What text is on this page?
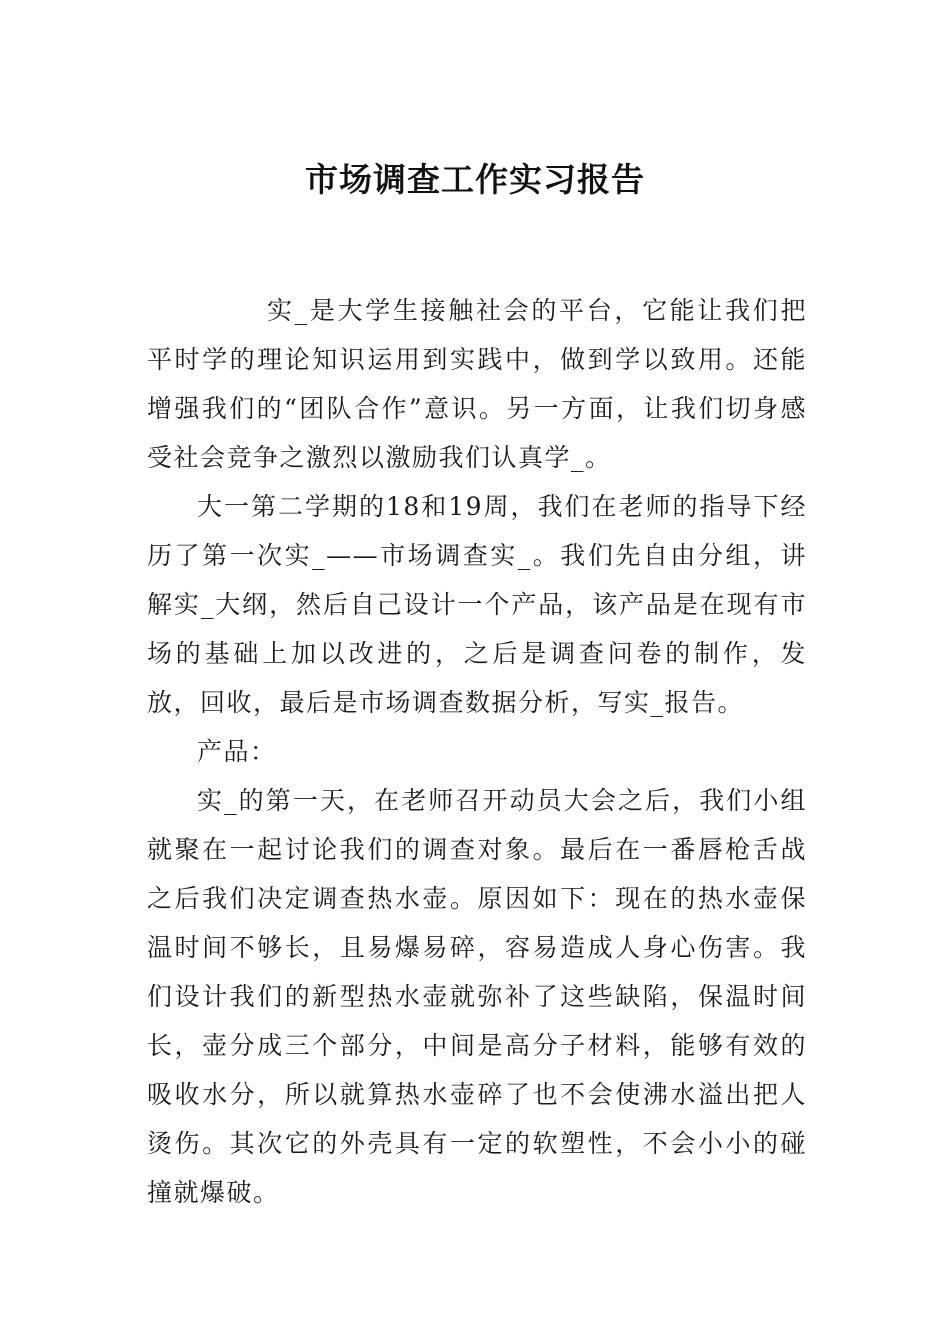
市场调查工作实习报告

实_是大学生接触社会的平台，它能让我们把平时学的理论知识运用到实践中，做到学以致用。还能增强我们的“团队合作”意识。另一方面，让我们切身感受社会竞争之激烈以激励我们认真学_。

大一第二学期的18和19周，我们在老师的指导下经历了第一次实_——市场调查实_。我们先自由分组，讲解实_大纲，然后自己设计一个产品，该产品是在现有市场的基础上加以改进的，之后是调查问卷的制作，发放，回收，最后是市场调查数据分析，写实_报告。

产品：

实_的第一天，在老师召开动员大会之后，我们小组就聚在一起讨论我们的调查对象。最后在一番唇枪舌战之后我们决定调查热水壶。原因如下：现在的热水壶保温时间不够长，且易爆易碎，容易造成人身心伤害。我们设计我们的新型热水壶就弥补了这些缺陷，保温时间长，壶分成三个部分，中间是高分子材料，能够有效的吸收水分，所以就算热水壶碎了也不会使沸水溢出把人烫伤。其次它的外壳具有一定的软塑性，不会小小的碰撞就爆破。
